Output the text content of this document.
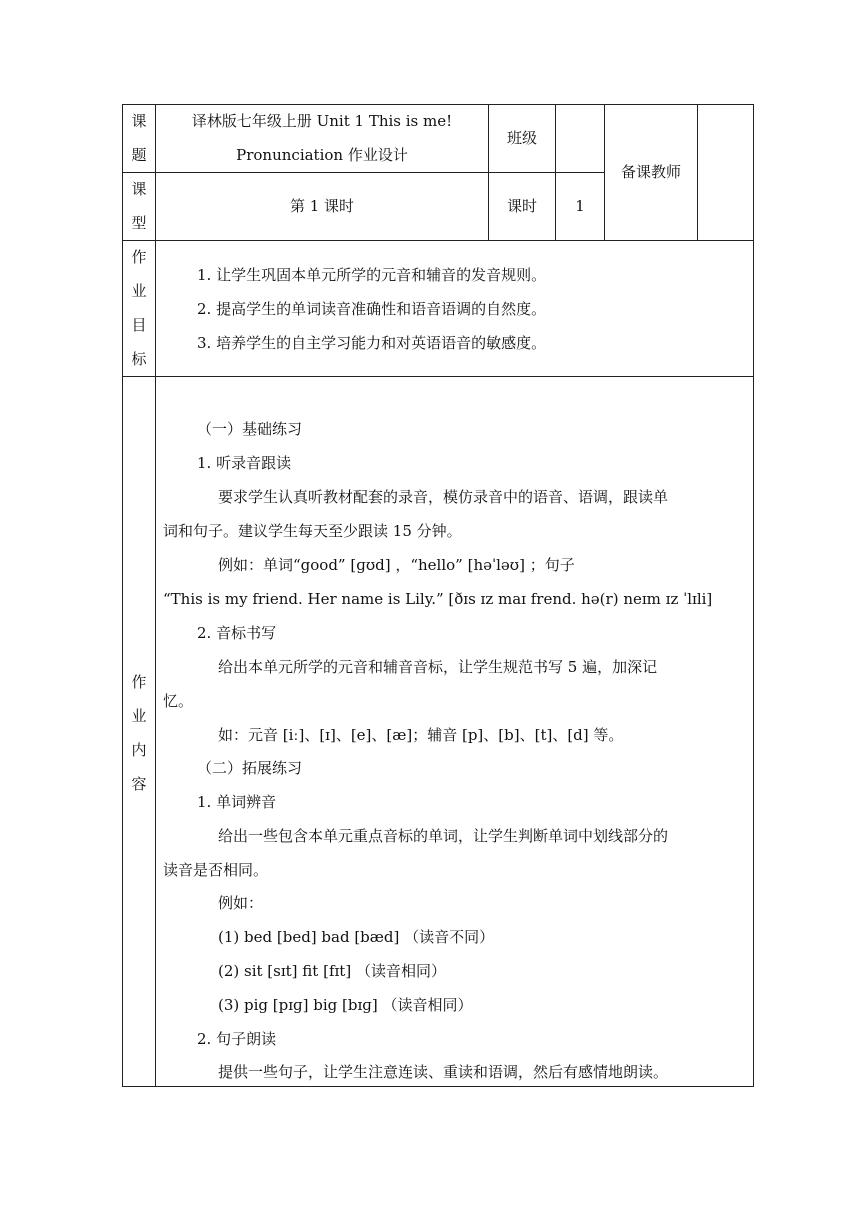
课
题
译林版七年级上册 Unit 1 This is me!
Pronunciation 作业设计
班级
备课教师
课
型
第 1 课时	课时	1
作
业
目
标
1. 让学生巩固本单元所学的元音和辅音的发音规则。
2. 提高学生的单词读音准确性和语音语调的自然度。
3. 培养学生的自主学习能力和对英语语音的敏感度。
作
业
内
容
（一）基础练习
1. 听录音跟读
要求学生认真听教材配套的录音，模仿录音中的语音、语调，跟读单
词和句子。建议学生每天至少跟读 15 分钟。
例如：单词“good” [ɡʊd] ，“hello” [həˈləʊ] ；句子
“This is my friend. Her name is Lily.” [ðɪs ɪz maɪ frend. hə(r) neɪm ɪz ˈlɪli]
2. 音标书写
给出本单元所学的元音和辅音音标，让学生规范书写 5 遍，加深记
忆。
如：元音 [iː]、[ɪ]、[e]、[æ]；辅音 [p]、[b]、[t]、[d] 等。
（二）拓展练习
1. 单词辨音
给出一些包含本单元重点音标的单词，让学生判断单词中划线部分的
读音是否相同。
例如：
(1) bed [bed] bad [bæd] （读音不同）
(2) sit [sɪt] fit [fɪt] （读音相同）
(3) pig [pɪɡ] big [bɪɡ] （读音相同）
2. 句子朗读
提供一些句子，让学生注意连读、重读和语调，然后有感情地朗读。
